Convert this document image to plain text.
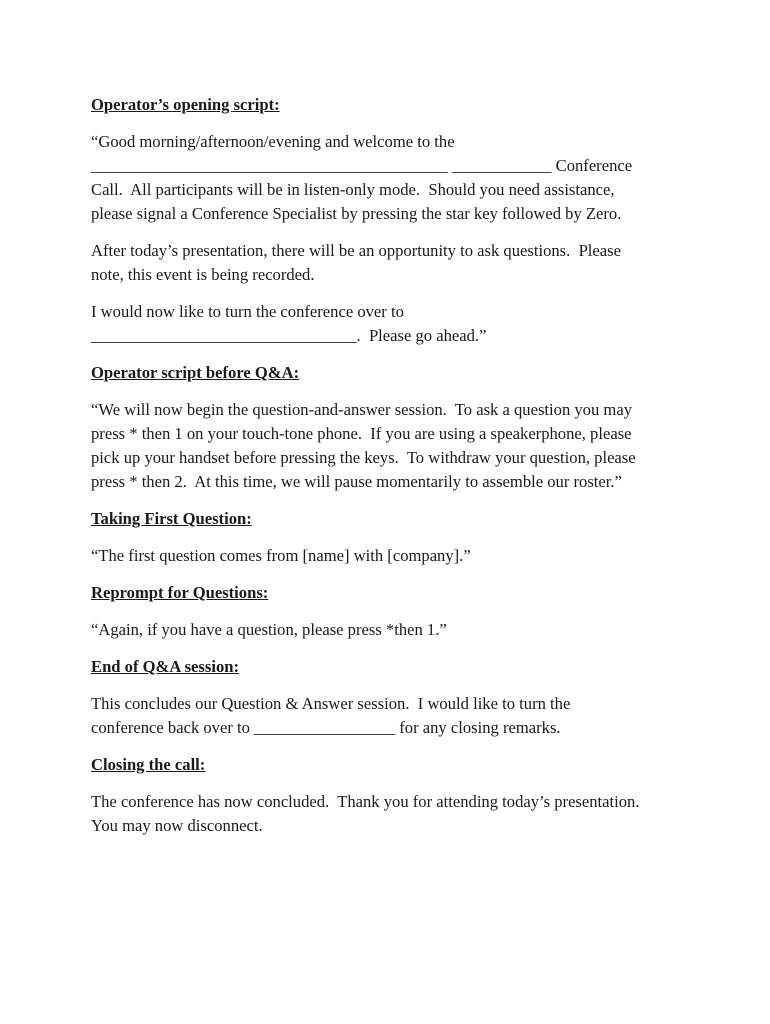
Operator’s opening script:
“Good morning/afternoon/evening and welcome to the
___________________________________________ ____________ Conference
Call.  All participants will be in listen-only mode.  Should you need assistance,
please signal a Conference Specialist by pressing the star key followed by Zero.
After today’s presentation, there will be an opportunity to ask questions.  Please
note, this event is being recorded.
I would now like to turn the conference over to
________________________________.  Please go ahead.”
Operator script before Q&A:
“We will now begin the question-and-answer session.  To ask a question you may
press * then 1 on your touch-tone phone.  If you are using a speakerphone, please
pick up your handset before pressing the keys.  To withdraw your question, please
press * then 2.  At this time, we will pause momentarily to assemble our roster.”
Taking First Question:
“The first question comes from [name] with [company].”
Reprompt for Questions:
“Again, if you have a question, please press *then 1.”
End of Q&A session:
This concludes our Question & Answer session.  I would like to turn the
conference back over to _________________ for any closing remarks.
Closing the call:
The conference has now concluded.  Thank you for attending today’s presentation.
You may now disconnect.
